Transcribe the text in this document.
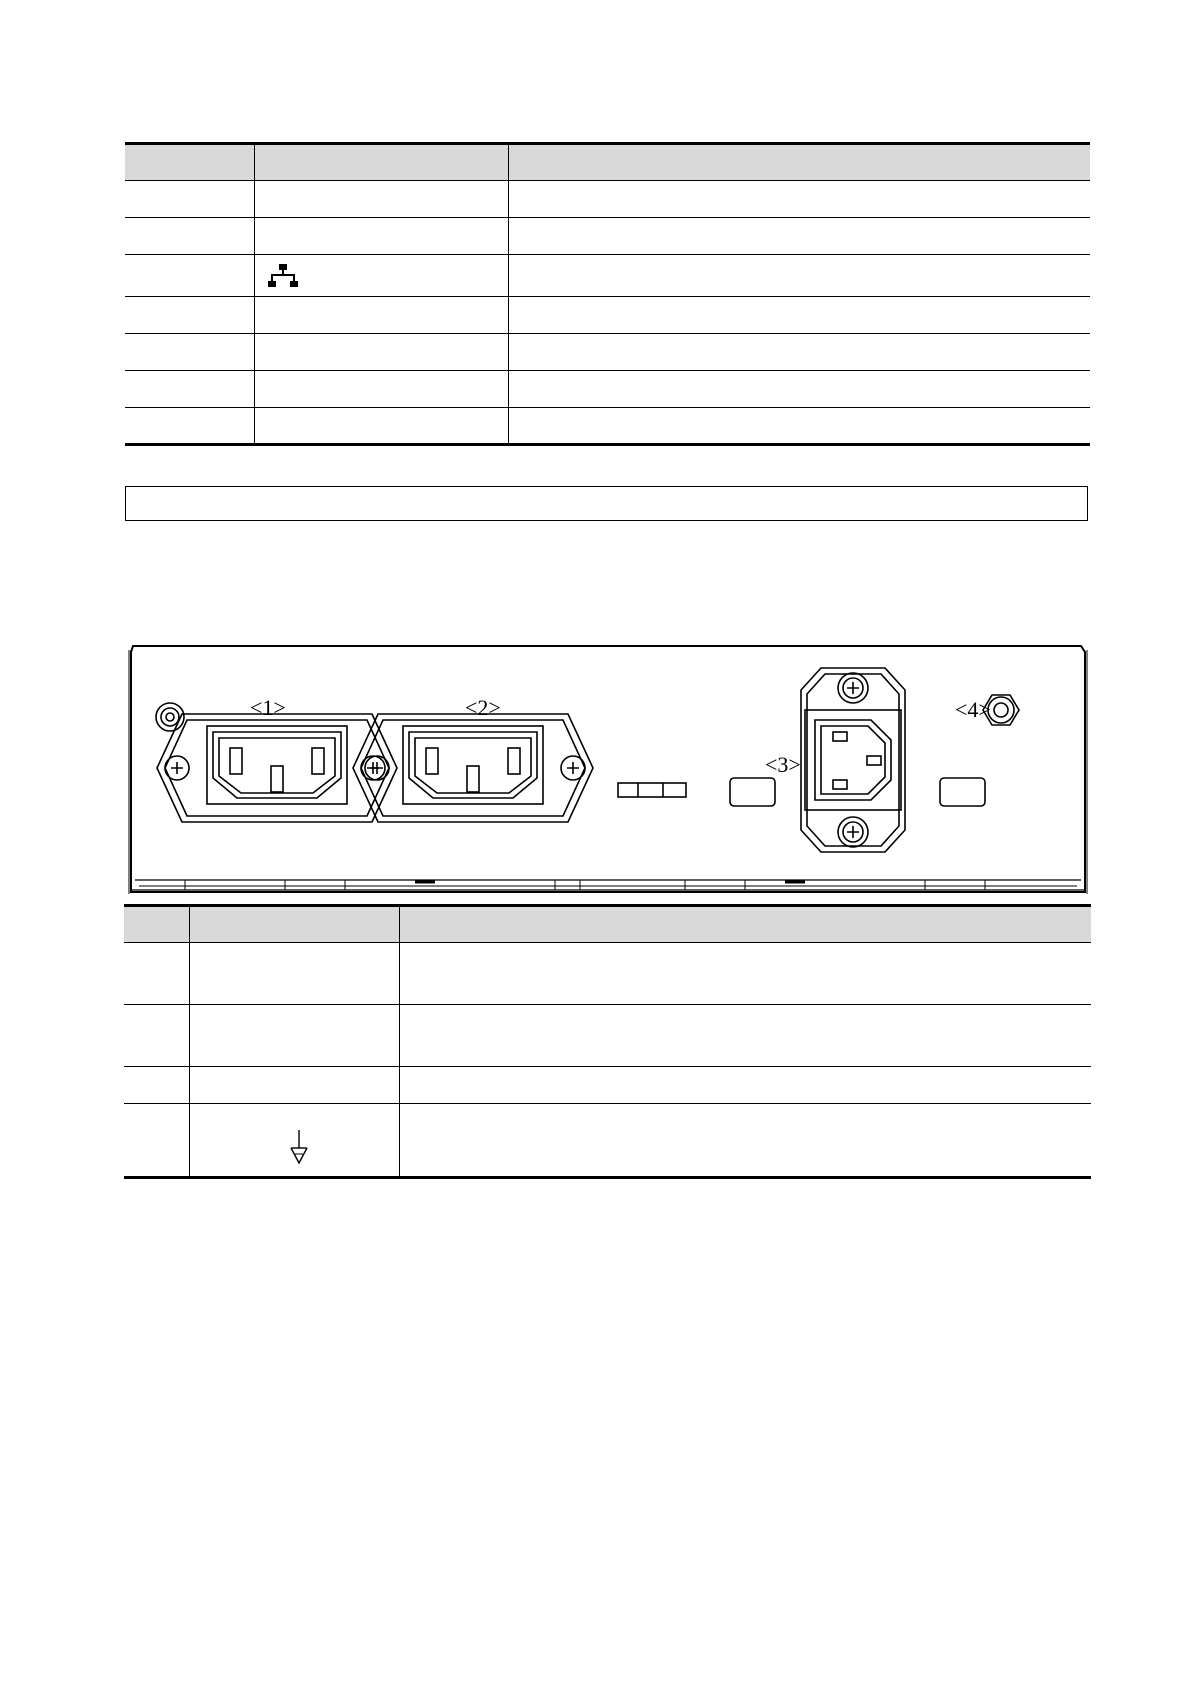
<1>	<2>
<3>
<4>
